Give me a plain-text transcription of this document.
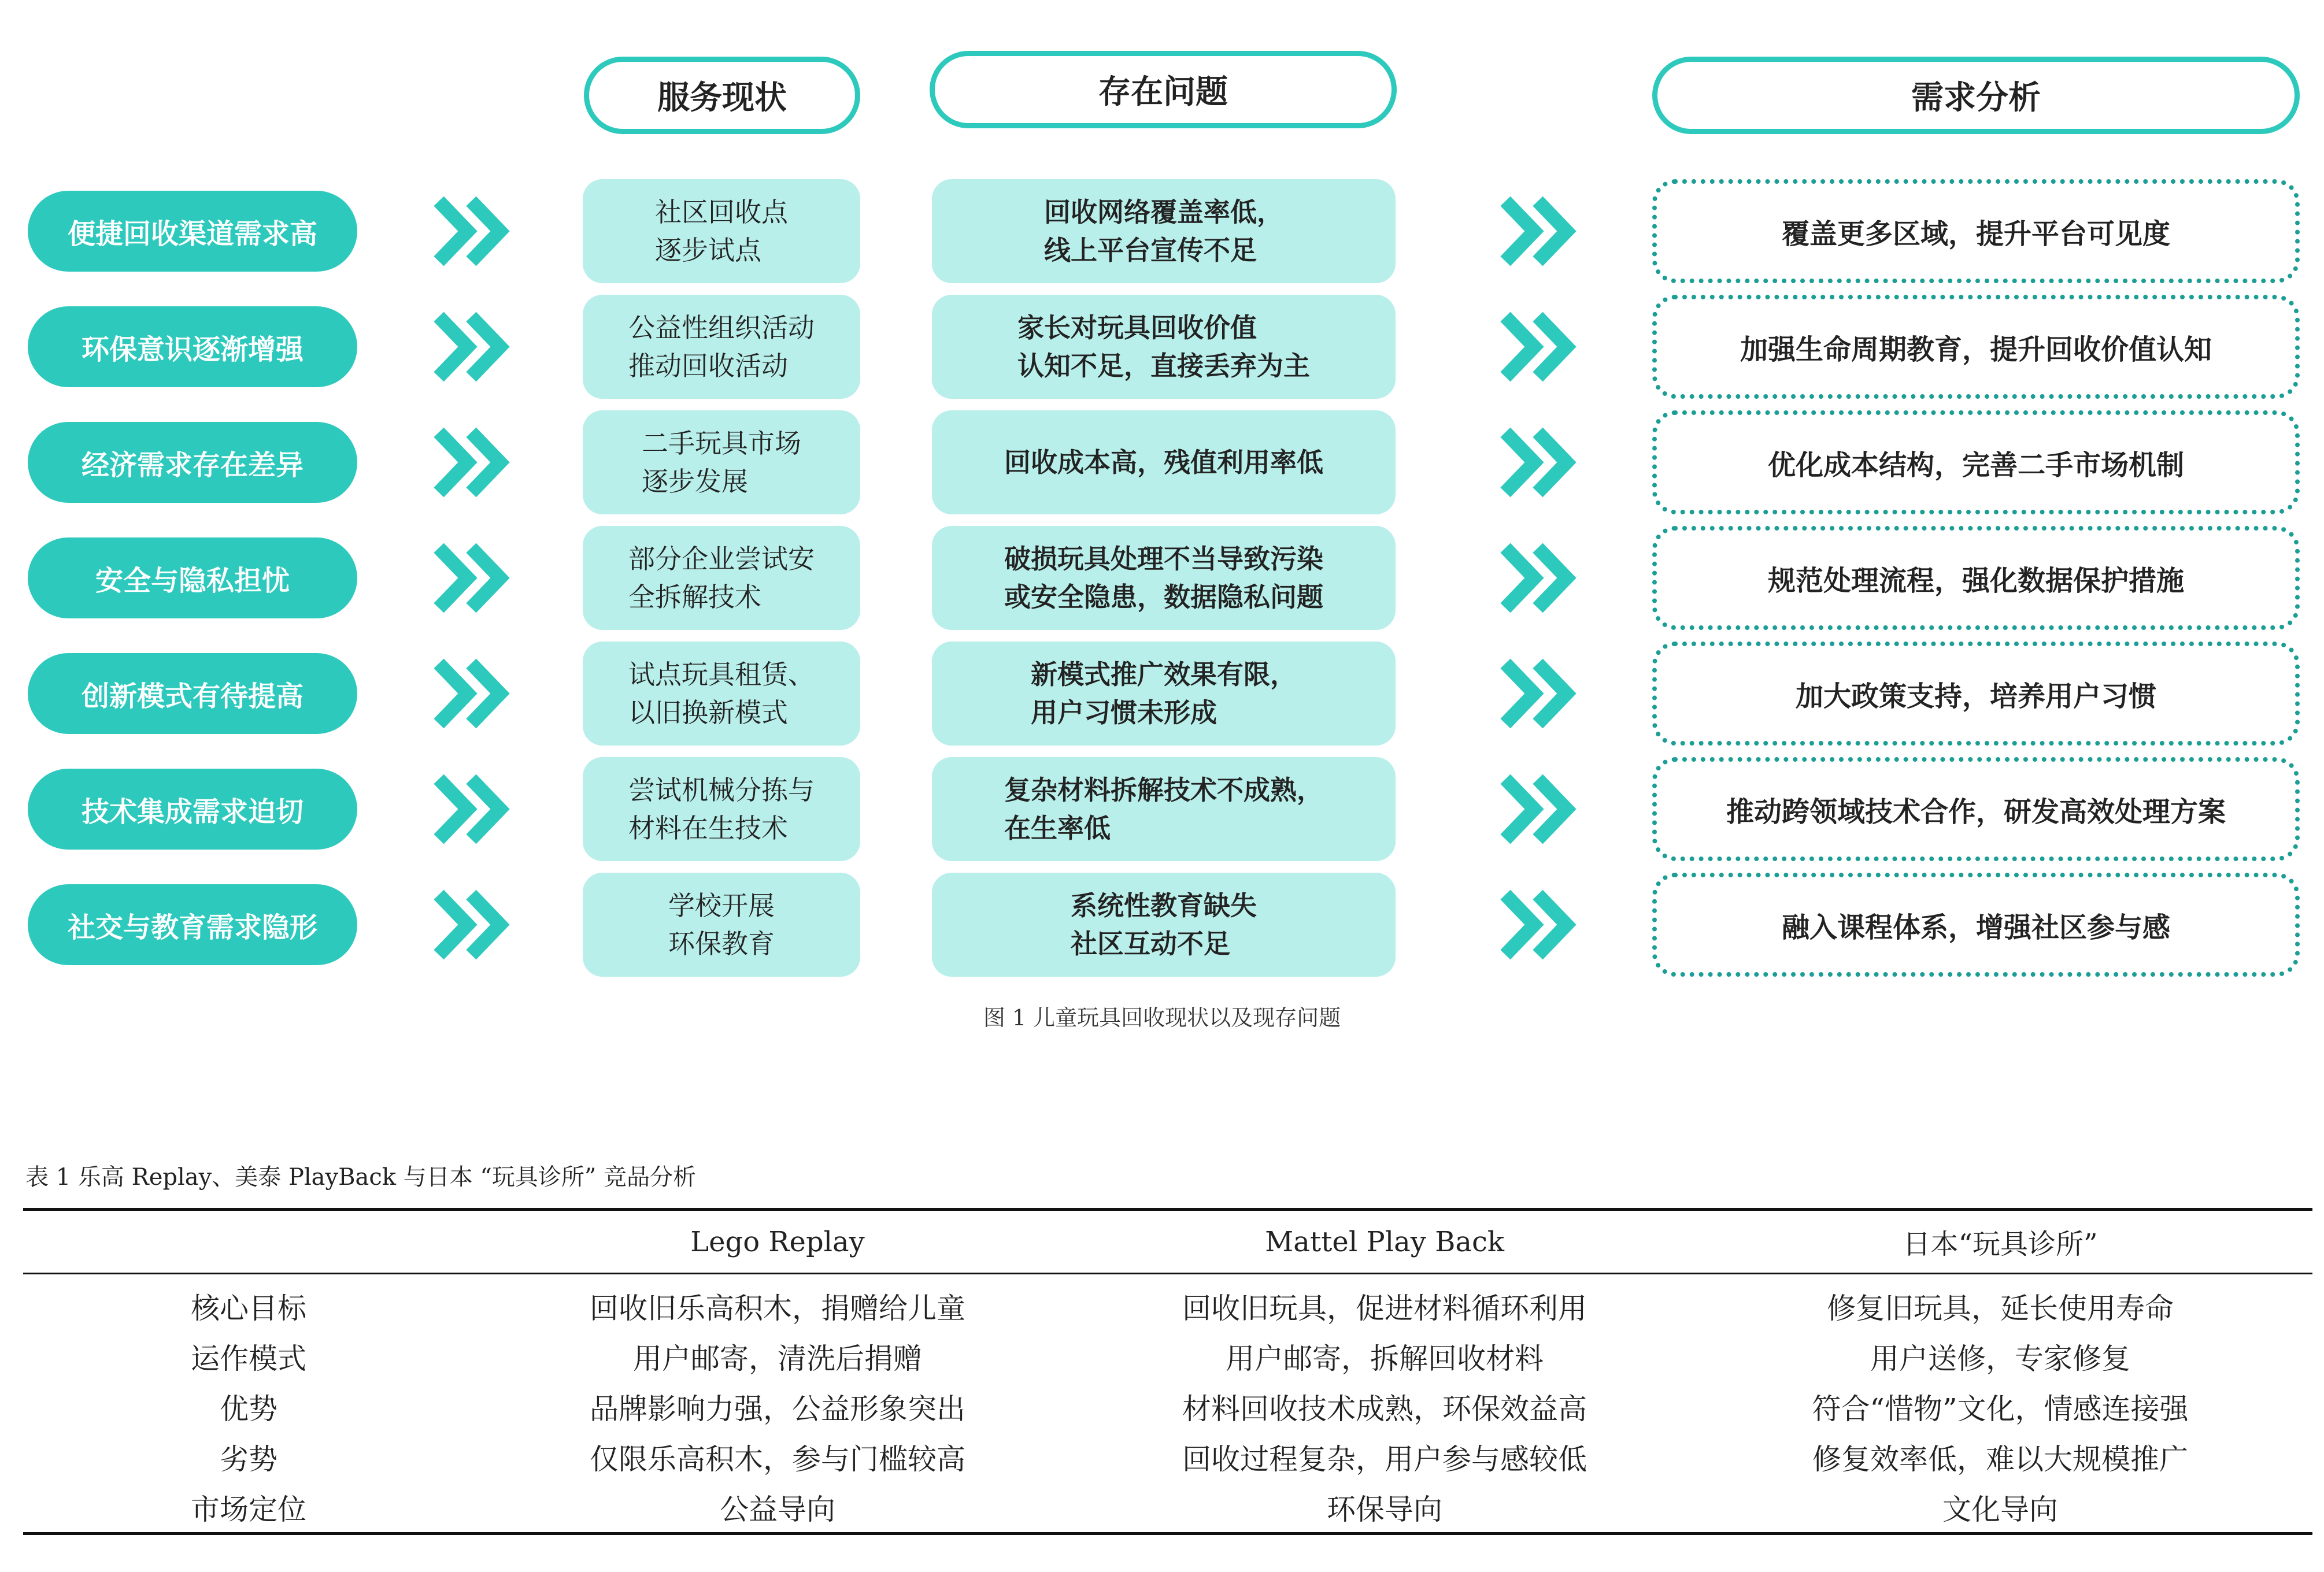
服务现状	存在问题	需求分析
便捷回收渠道需求高
社区回收点
逐步试点
回收网络覆盖率低，
线上平台宣传不足
覆盖更多区域，提升平台可见度
环保意识逐渐增强
公益性组织活动
推动回收活动
家长对玩具回收价值
认知不足，直接丢弃为主
加强生命周期教育，提升回收价值认知
经济需求存在差异
二手玩具市场
逐步发展
回收成本高，残值利用率低	优化成本结构，完善二手市场机制
安全与隐私担忧
部分企业尝试安
全拆解技术
破损玩具处理不当导致污染
或安全隐患，数据隐私问题
规范处理流程，强化数据保护措施
创新模式有待提高
试点玩具租赁、
以旧换新模式
新模式推广效果有限，
用户习惯未形成
加大政策支持，培养用户习惯
技术集成需求迫切
尝试机械分拣与
材料在生技术
复杂材料拆解技术不成熟，
在生率低
推动跨领域技术合作，研发高效处理方案
社交与教育需求隐形
学校开展
环保教育
系统性教育缺失
社区互动不足
融入课程体系，增强社区参与感
图 1 儿童玩具回收现状以及现存问题
表 1 乐高 Replay、美泰 PlayBack 与日本 “玩具诊所” 竞品分析
	Lego Replay	Mattel Play Back	日本“玩具诊所”
核心目标	回收旧乐高积木，捐赠给儿童	回收旧玩具，促进材料循环利用	修复旧玩具，延长使用寿命
运作模式	用户邮寄，清洗后捐赠	用户邮寄，拆解回收材料	用户送修，专家修复
优势	品牌影响力强，公益形象突出	材料回收技术成熟，环保效益高	符合“惜物”文化，情感连接强
劣势	仅限乐高积木，参与门槛较高	回收过程复杂，用户参与感较低	修复效率低，难以大规模推广
市场定位	公益导向	环保导向	文化导向
